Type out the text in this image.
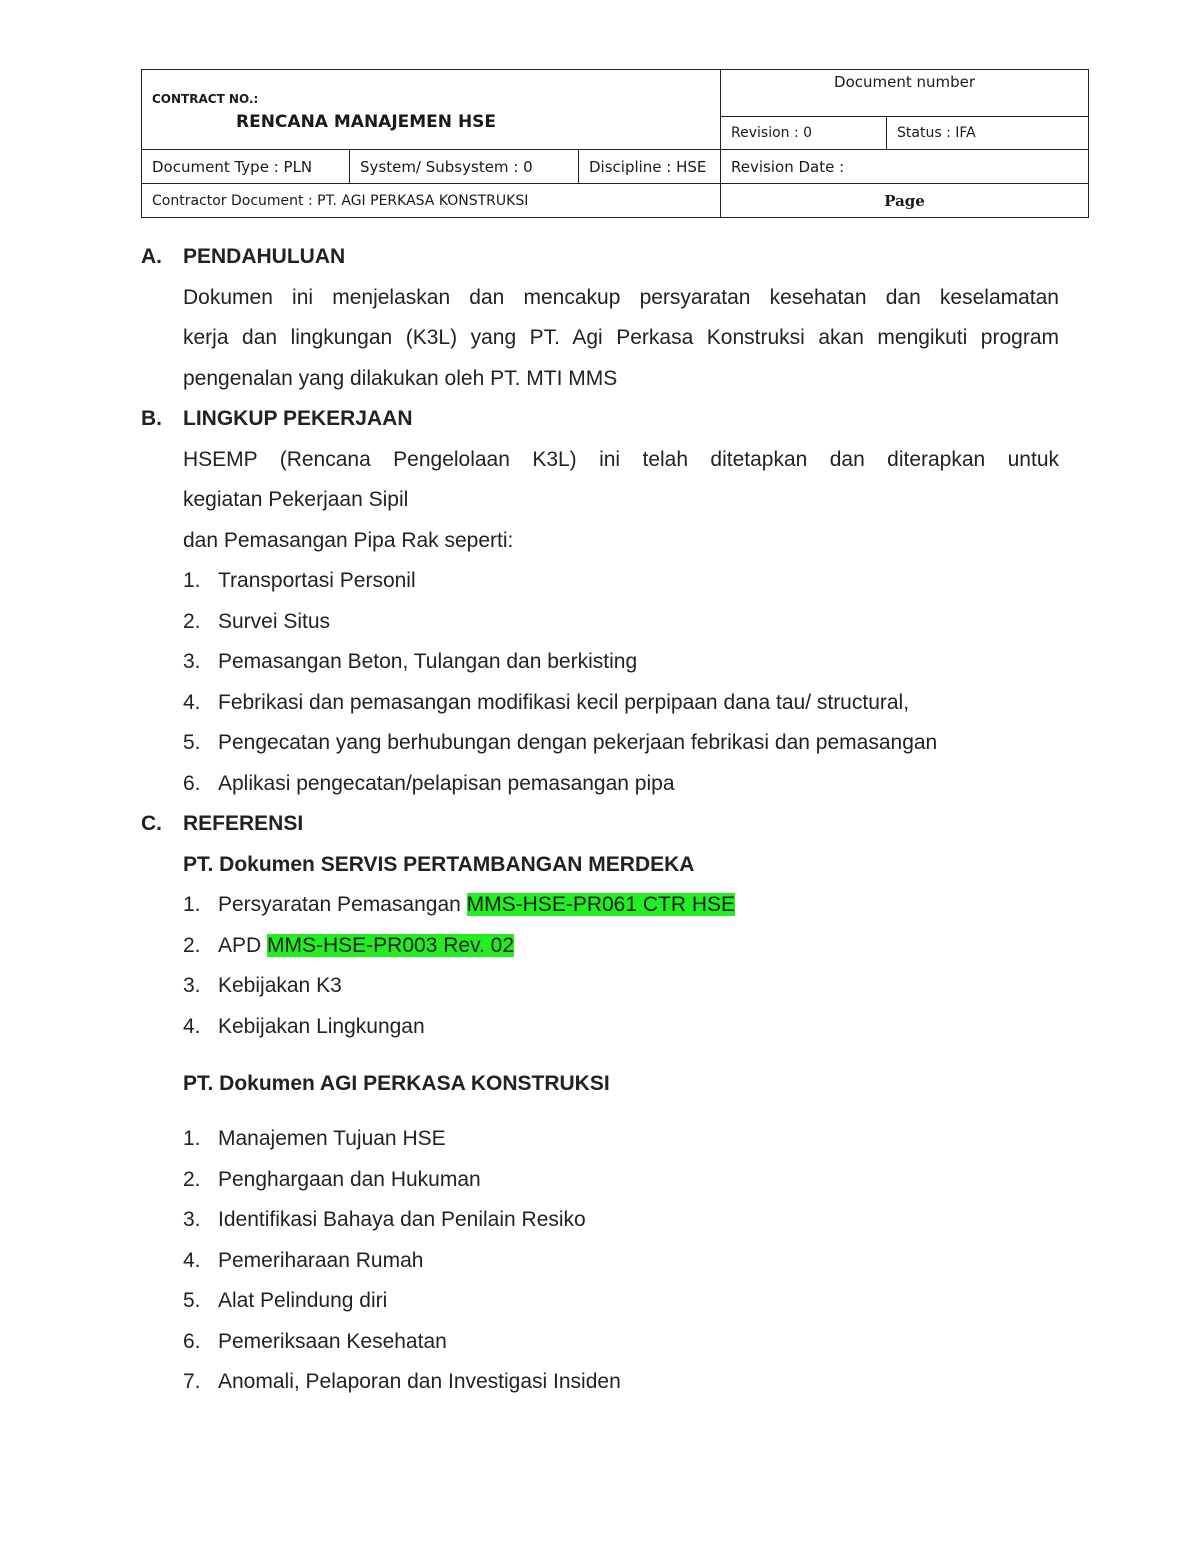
CONTRACT NO.:
RENCANA MANAJEMEN HSE			Document number	
			Revision : 0	Status : IFA
Document Type : PLN	System/ Subsystem : 0	Discipline : HSE	Revision Date :	
Contractor Document : PT. AGI PERKASA KONSTRUKSI			Page	
A. PENDAHULUAN
Dokumen ini menjelaskan dan mencakup persyaratan kesehatan dan keselamatan
kerja dan lingkungan (K3L) yang PT. Agi Perkasa Konstruksi akan mengikuti program
pengenalan yang dilakukan oleh PT. MTI MMS
B. LINGKUP PEKERJAAN
HSEMP (Rencana Pengelolaan K3L) ini telah ditetapkan dan diterapkan untuk
kegiatan Pekerjaan Sipil
dan Pemasangan Pipa Rak seperti:
1. Transportasi Personil
2. Survei Situs
3. Pemasangan Beton, Tulangan dan berkisting
4. Febrikasi dan pemasangan modifikasi kecil perpipaan dana tau/ structural,
5. Pengecatan yang berhubungan dengan pekerjaan febrikasi dan pemasangan
6. Aplikasi pengecatan/pelapisan pemasangan pipa
C. REFERENSI
PT. Dokumen SERVIS PERTAMBANGAN MERDEKA
1. Persyaratan Pemasangan MMS-HSE-PR061 CTR HSE
2. APD MMS-HSE-PR003 Rev. 02
3. Kebijakan K3
4. Kebijakan Lingkungan
PT. Dokumen AGI PERKASA KONSTRUKSI
1. Manajemen Tujuan HSE
2. Penghargaan dan Hukuman
3. Identifikasi Bahaya dan Penilain Resiko
4. Pemeriharaan Rumah
5. Alat Pelindung diri
6. Pemeriksaan Kesehatan
7. Anomali, Pelaporan dan Investigasi Insiden
